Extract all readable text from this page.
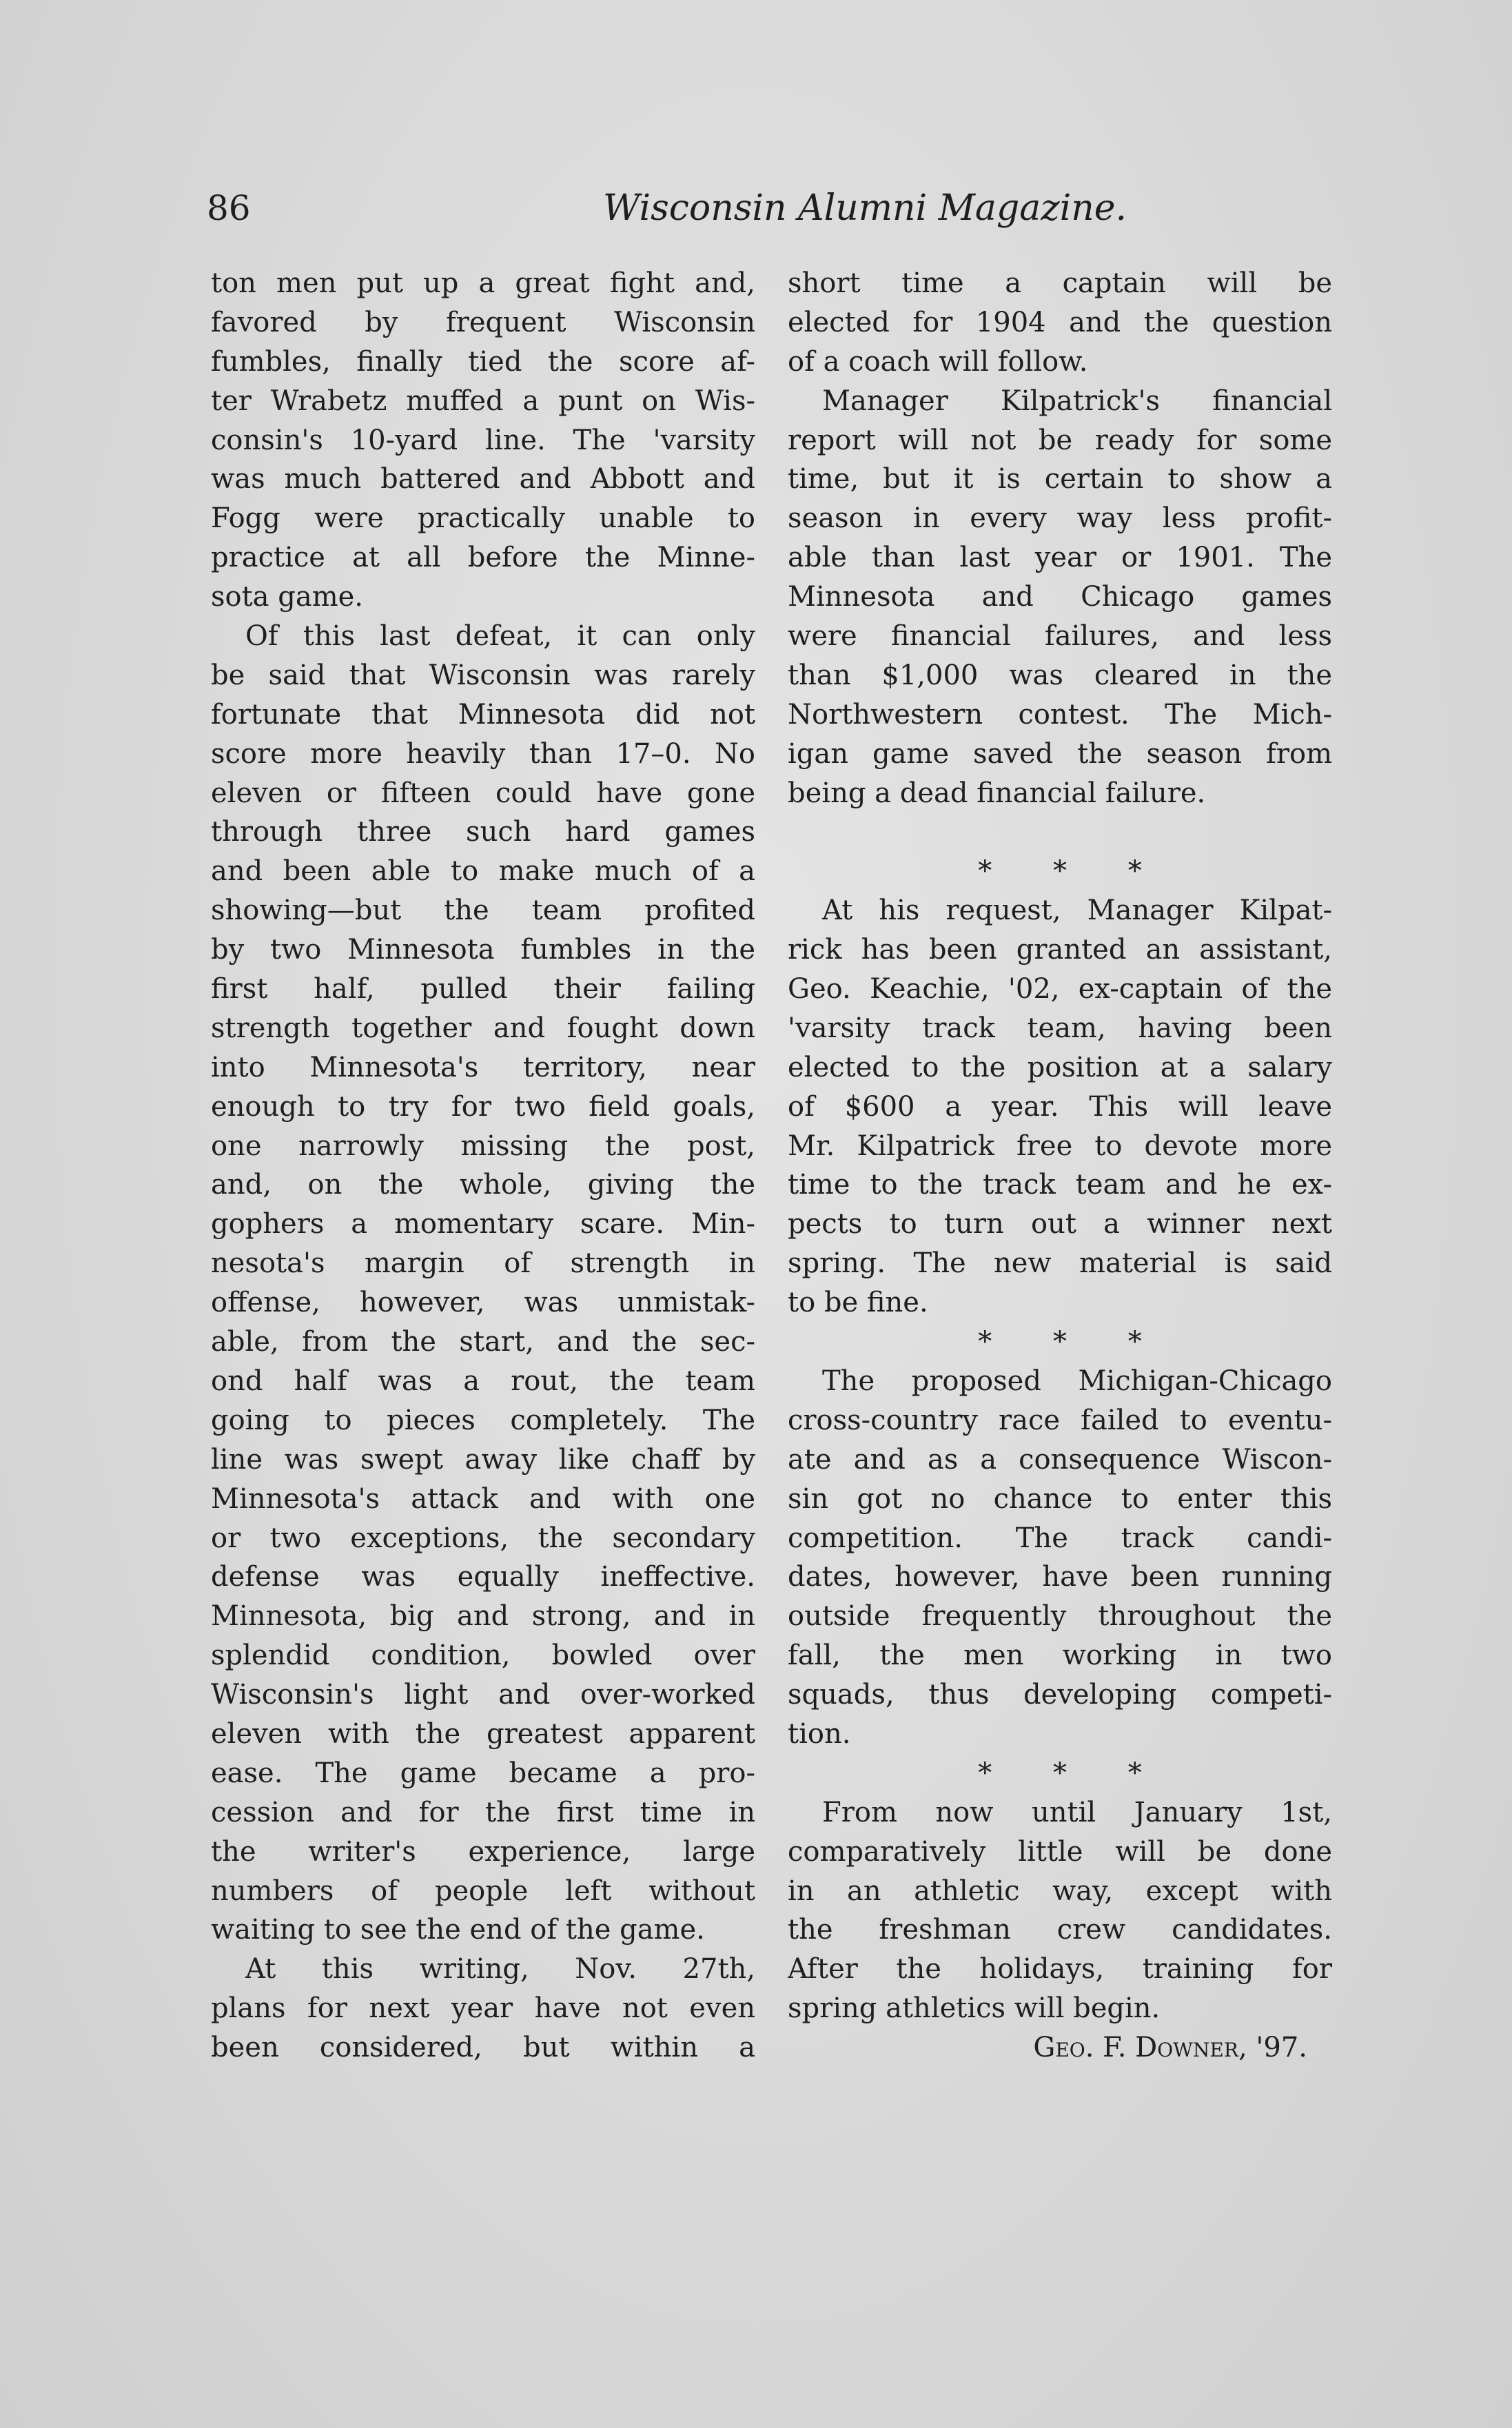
86	Wisconsin Alumni Magazine.
ton men put up a great fight and,
favored by frequent Wisconsin
fumbles, finally tied the score af-
ter Wrabetz muffed a punt on Wis-
consin's 10-yard line. The 'varsity
was much battered and Abbott and
Fogg were practically unable to
practice at all before the Minne-
sota game.
Of this last defeat, it can only
be said that Wisconsin was rarely
fortunate that Minnesota did not
score more heavily than 17–0. No
eleven or fifteen could have gone
through three such hard games
and been able to make much of a
showing—but the team profited
by two Minnesota fumbles in the
first half, pulled their failing
strength together and fought down
into Minnesota's territory, near
enough to try for two field goals,
one narrowly missing the post,
and, on the whole, giving the
gophers a momentary scare. Min-
nesota's margin of strength in
offense, however, was unmistak-
able, from the start, and the sec-
ond half was a rout, the team
going to pieces completely. The
line was swept away like chaff by
Minnesota's attack and with one
or two exceptions, the secondary
defense was equally ineffective.
Minnesota, big and strong, and in
splendid condition, bowled over
Wisconsin's light and over-worked
eleven with the greatest apparent
ease. The game became a pro-
cession and for the first time in
the writer's experience, large
numbers of people left without
waiting to see the end of the game.
At this writing, Nov. 27th,
plans for next year have not even
been considered, but within a
short time a captain will be
elected for 1904 and the question
of a coach will follow.
Manager Kilpatrick's financial
report will not be ready for some
time, but it is certain to show a
season in every way less profit-
able than last year or 1901. The
Minnesota and Chicago games
were financial failures, and less
than $1,000 was cleared in the
Northwestern contest. The Mich-
igan game saved the season from
being a dead financial failure.

* * *
At his request, Manager Kilpat-
rick has been granted an assistant,
Geo. Keachie, '02, ex-captain of the
'varsity track team, having been
elected to the position at a salary
of $600 a year. This will leave
Mr. Kilpatrick free to devote more
time to the track team and he ex-
pects to turn out a winner next
spring. The new material is said
to be fine.
* * *
The proposed Michigan-Chicago
cross-country race failed to eventu-
ate and as a consequence Wiscon-
sin got no chance to enter this
competition. The track candi-
dates, however, have been running
outside frequently throughout the
fall, the men working in two
squads, thus developing competi-
tion.
* * *
From now until January 1st,
comparatively little will be done
in an athletic way, except with
the freshman crew candidates.
After the holidays, training for
spring athletics will begin.
Geo. F. Downer, '97.
